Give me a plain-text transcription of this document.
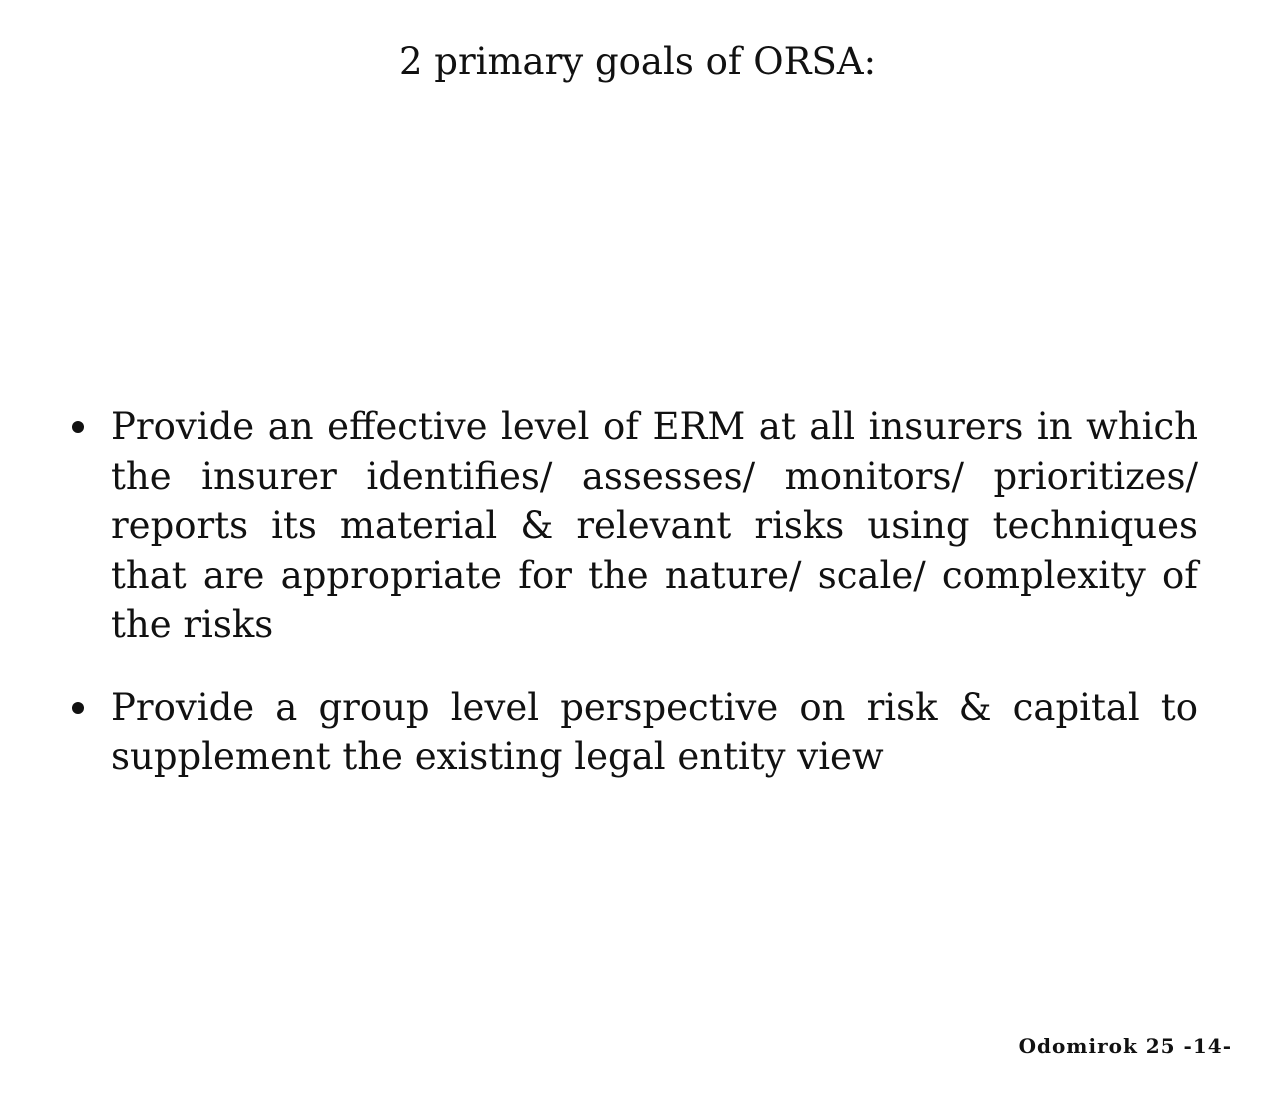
2 primary goals of ORSA:
Provide an effective level of ERM at all insurers in which the insurer identifies/ assesses/ monitors/ prioritizes/ reports its material & relevant risks using techniques that are appropriate for the nature/ scale/ complexity of the risks
Provide a group level perspective on risk & capital to supplement the existing legal entity view
Odomirok 25 -14-
